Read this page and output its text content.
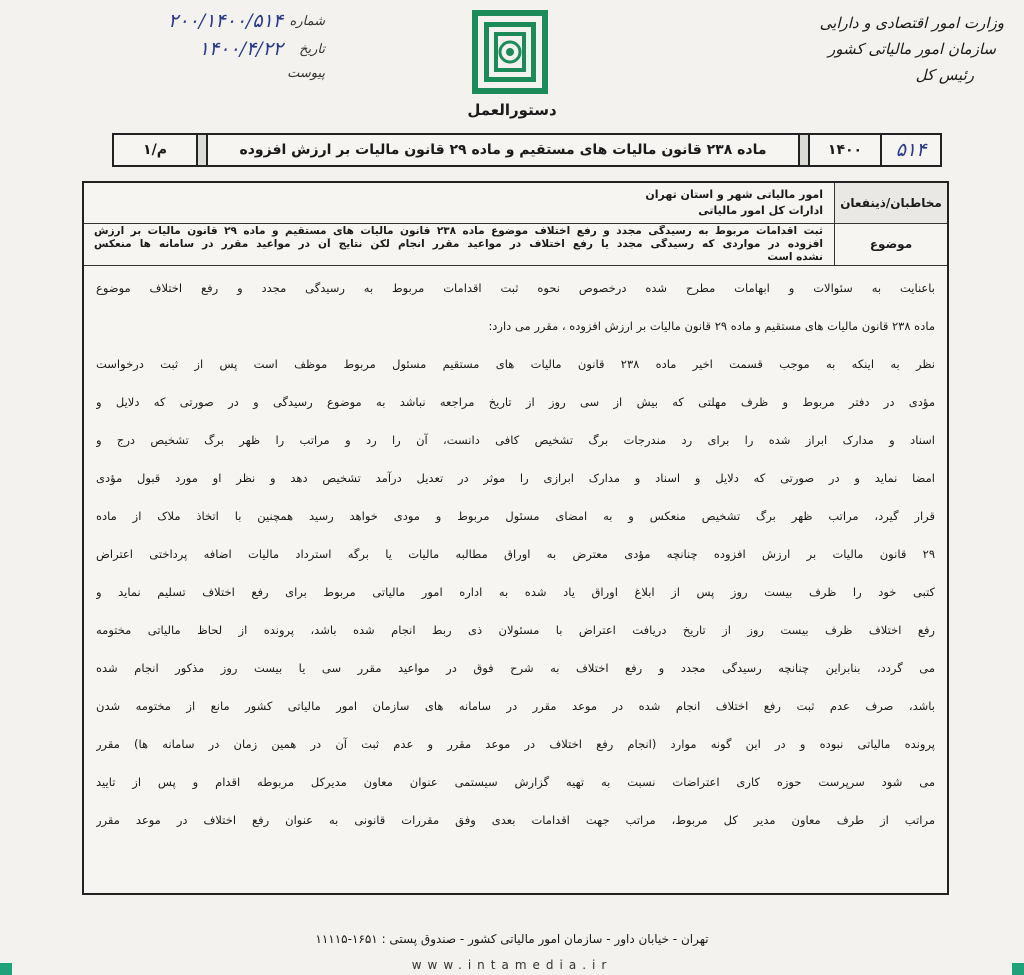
وزارت امور اقتصادی و دارایی
سازمان امور مالیاتی کشور
رئیس کل
شماره
۲۰۰/۱۴۰۰/۵۱۴
تاریخ
۱۴۰۰/۴/۲۲
پیوست
دستورالعمل
۵۱۴
۱۴۰۰
ماده ۲۳۸ قانون مالیات های مستقیم و ماده ۲۹ قانون مالیات بر ارزش افزوده
م/۱
مخاطبان/ذینفعان
امور مالیاتی شهر و استان تهران
ادارات کل امور مالیاتی
موضوع
ثبت اقدامات مربوط به رسیدگی مجدد و رفع اختلاف موضوع ماده ۲۳۸ قانون مالیات های مستقیم و ماده ۲۹ قانون مالیات بر ارزش
افزوده در مواردی که رسیدگی مجدد یا رفع اختلاف در مواعید مقرر انجام لکن نتایج آن در مواعید مقرر در سامانه ها منعکس
نشده است
باعنایت به سئوالات و ابهامات مطرح شده درخصوص نحوه ثبت اقدامات مربوط به رسیدگی مجدد و رفع اختلاف موضوع
ماده ۲۳۸ قانون مالیات های مستقیم و ماده ۲۹ قانون مالیات بر ارزش افزوده ، مقرر می دارد:
نظر به اینکه به موجب قسمت اخیر ماده ۲۳۸ قانون مالیات های مستقیم مسئول مربوط موظف است پس از ثبت درخواست
مؤدی در دفتر مربوط و ظرف مهلتی که بیش از سی روز از تاریخ مراجعه نباشد به موضوع رسیدگی و در صورتی که دلایل و
اسناد و مدارک ابراز شده را برای رد مندرجات برگ تشخیص کافی دانست، آن را رد و مراتب را ظهر برگ تشخیص درج و
امضا نماید و در صورتی که دلایل و اسناد و مدارک ابرازی را موثر در تعدیل درآمد تشخیص دهد و نظر او مورد قبول مؤدی
قرار گیرد، مراتب ظهر برگ تشخیص منعکس و به امضای مسئول مربوط و مودی خواهد رسید همچنین با اتخاذ ملاک از ماده
۲۹ قانون مالیات بر ارزش افزوده چنانچه مؤدی معترض به اوراق مطالبه مالیات یا برگه استرداد مالیات اضافه پرداختی اعتراض
کتبی خود را ظرف بیست روز پس از ابلاغ اوراق یاد شده به اداره امور مالیاتی مربوط برای رفع اختلاف تسلیم نماید و
رفع اختلاف ظرف بیست روز از تاریخ دریافت اعتراض با مسئولان ذی ربط انجام شده باشد، پرونده از لحاظ مالیاتی مختومه
می گردد، بنابراین چنانچه رسیدگی مجدد و رفع اختلاف به شرح فوق در مواعید مقرر سی یا بیست روز مذکور انجام شده
باشد، صرف عدم ثبت رفع اختلاف انجام شده در موعد مقرر در سامانه های سازمان امور مالیاتی کشور مانع از مختومه شدن
پرونده مالیاتی نبوده و در این گونه موارد (انجام رفع اختلاف در موعد مقرر و عدم ثبت آن در همین زمان در سامانه ها) مقرر
می شود سرپرست حوزه کاری اعتراضات نسبت به تهیه گزارش سیستمی عنوان معاون مدیرکل مربوطه اقدام و پس از تایید
مراتب از طرف معاون مدیر کل مربوط، مراتب جهت اقدامات بعدی وفق مقررات قانونی به عنوان رفع اختلاف در موعد مقرر
تهران - خیابان داور - سازمان امور مالیاتی کشور - صندوق پستی : ۱۶۵۱-۱۱۱۱۵
www.intamedia.ir
